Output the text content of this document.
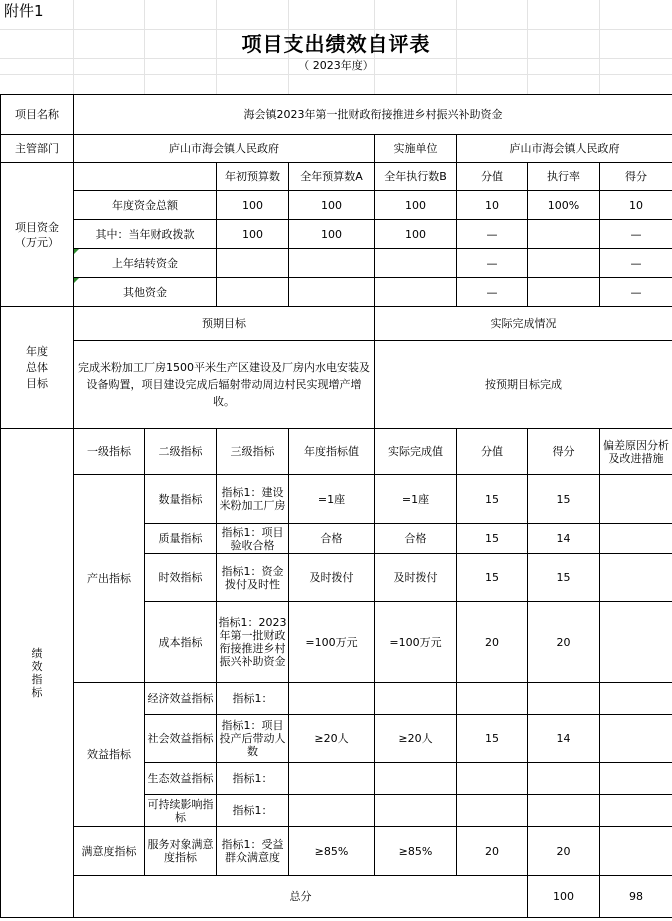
附件1
项目支出绩效自评表
（ 2023年度）
项目名称	海会镇2023年第一批财政衔接推进乡村振兴补助资金								
主管部门	庐山市海会镇人民政府				实施单位	庐山市海会镇人民政府			
项目资金
（万元）			年初预算数	全年预算数A	全年执行数B	分值	执行率	得分	
	年度资金总额		100	100	100	10	100%	10	
	其中：当年财政拨款		100	100	100	—		—	
	上年结转资金					—		—	
	其他资金					—		—	
年度
总体
目标	预期目标				实际完成情况				
	完成米粉加工厂房1500平米生产区建设及厂房内水电安装及设备购置，项目建设完成后辐射带动周边村民实现增产增收。				按预期目标完成				
绩
效
指
标	一级指标	二级指标	三级指标	年度指标值	实际完成值	分值	得分	偏差原因分析及改进措施	
	产出指标	数量指标	指标1：建设米粉加工厂房	=1座	=1座	15	15		
		质量指标	指标1：项目验收合格	合格	合格	15	14		
		时效指标	指标1：资金拨付及时性	及时拨付	及时拨付	15	15		
		成本指标	指标1：2023年第一批财政衔接推进乡村振兴补助资金	=100万元	=100万元	20	20		
	效益指标	经济效益指标	指标1：						
		社会效益指标	指标1：项目投产后带动人数	≥20人	≥20人	15	14		
		生态效益指标	指标1：						
		可持续影响指标	指标1：						
	满意度指标	服务对象满意度指标	指标1：受益群众满意度	≥85%	≥85%	20	20		
	总分						100	98	
